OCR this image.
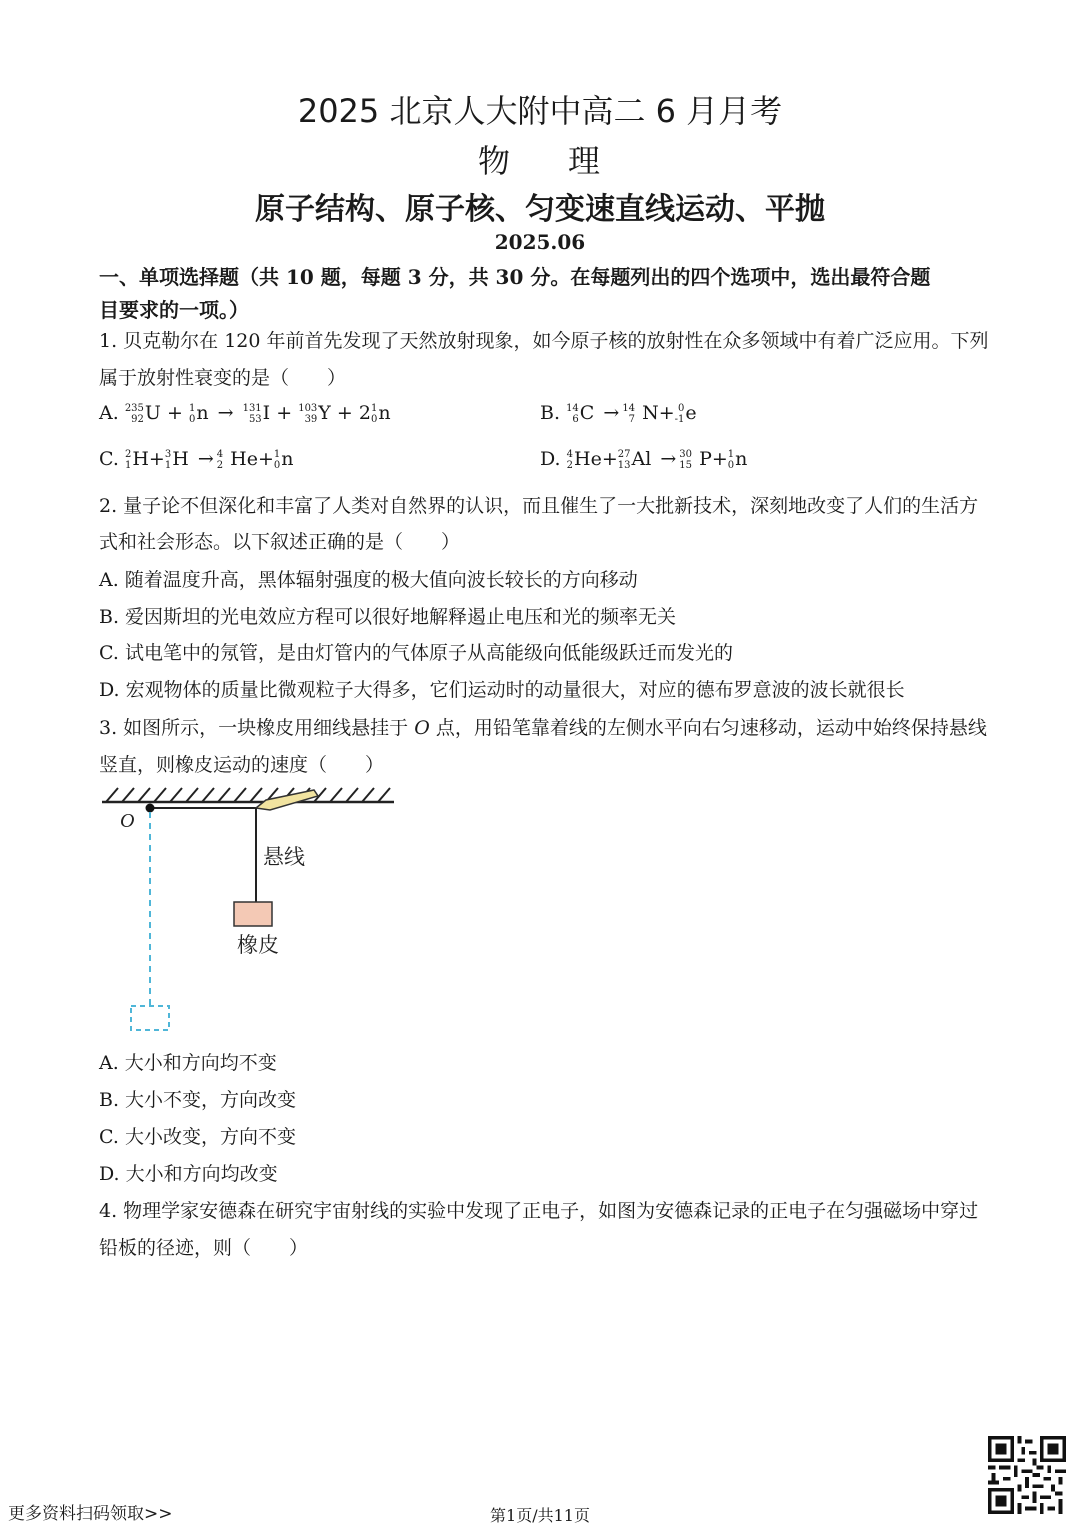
2025 北京人大附中高二 6 月月考
物 理
原子结构、原子核、匀变速直线运动、平抛
2025.06
一、单项选择题（共 10 题，每题 3 分，共 30 分。在每题列出的四个选项中，选出最符合题
目要求的一项。）
1. 贝克勒尔在 120 年前首先发现了天然放射现象，如今原子核的放射性在众多领域中有着广泛应用。下列
属于放射性衰变的是（　　）
A. 235
92 U + 1
0 n → 131
53 I + 103
39 Y + 2 1
0 n	B. 14
6 C → 14
7 N+ 0
-1 e
C. 2
1 H+ 3
1 H → 4
2 He+ 1
0 n	D. 4
2 He+ 27
13 Al → 30
15 P+ 1
0 n
2. 量子论不但深化和丰富了人类对自然界的认识，而且催生了一大批新技术，深刻地改变了人们的生活方
式和社会形态。以下叙述正确的是（　　）
A. 随着温度升高，黑体辐射强度的极大值向波长较长的方向移动
B. 爱因斯坦的光电效应方程可以很好地解释遏止电压和光的频率无关
C. 试电笔中的氖管，是由灯管内的气体原子从高能级向低能级跃迁而发光的
D. 宏观物体的质量比微观粒子大得多，它们运动时的动量很大，对应的德布罗意波的波长就很长
3. 如图所示，一块橡皮用细线悬挂于 O 点，用铅笔靠着线的左侧水平向右匀速移动，运动中始终保持悬线
竖直，则橡皮运动的速度（　　）
O
悬线
橡皮
A. 大小和方向均不变
B. 大小不变，方向改变
C. 大小改变，方向不变
D. 大小和方向均改变
4. 物理学家安德森在研究宇宙射线的实验中发现了正电子，如图为安德森记录的正电子在匀强磁场中穿过
铅板的径迹，则（　　）
更多资料扫码领取>>	第1页/共11页
